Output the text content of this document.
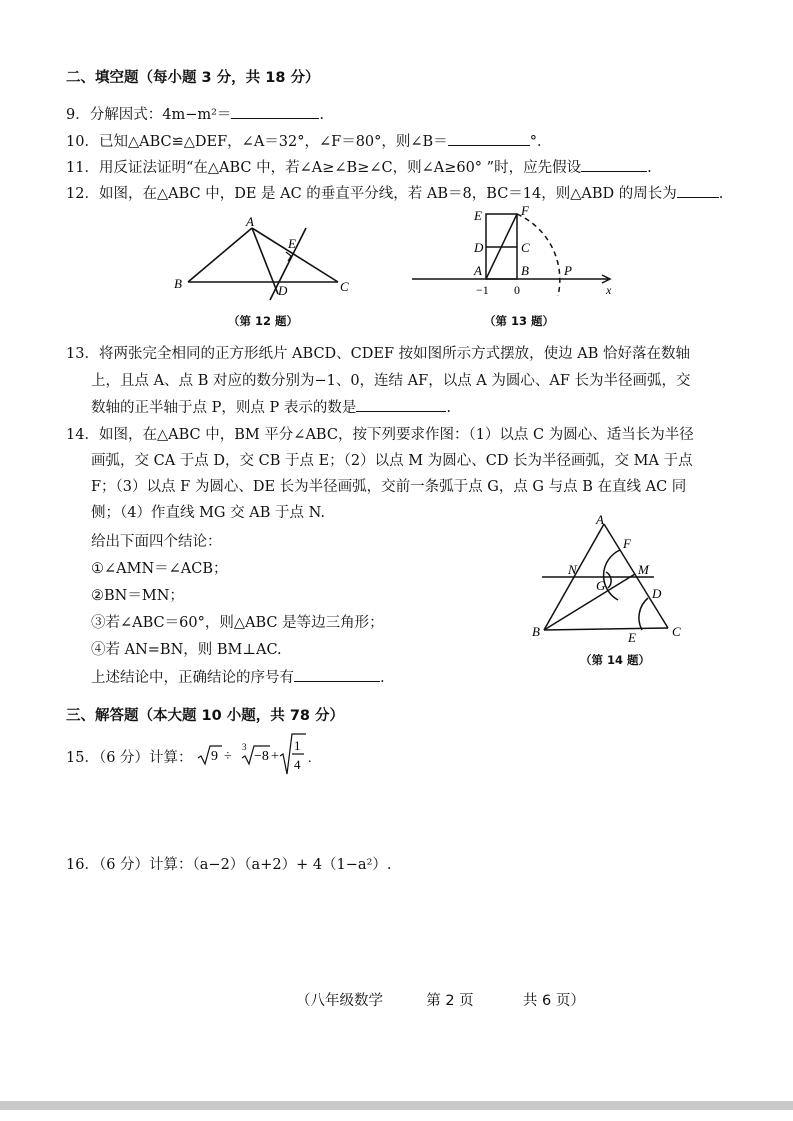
二、填空题（每小题 3 分，共 18 分）
9．分解因式：4m−m²＝	.
10．已知△ABC≌△DEF，∠A＝32°，∠F＝80°，则∠B＝	°．
11．用反证法证明“在△ABC 中，若∠A≥∠B≥∠C，则∠A≥60° ”时，应先假设	.
12．如图，在△ABC 中，DE 是 AC 的垂直平分线，若 AB＝8，BC＝14，则△ABD 的周长为	.
A
B	C
D
E
（第 12 题）
E	F
D	C
A	B	P
x
−1 0
（第 13 题）
13．将两张完全相同的正方形纸片 ABCD、CDEF 按如图所示方式摆放，使边 AB 恰好落在数轴
上，且点 A、点 B 对应的数分别为−1、0，连结 AF，以点 A 为圆心、AF 长为半径画弧，交
数轴的正半轴于点 P，则点 P 表示的数是	.
14．如图，在△ABC 中，BM 平分∠ABC，按下列要求作图：（1）以点 C 为圆心、适当长为半径
画弧，交 CA 于点 D，交 CB 于点 E；（2）以点 M 为圆心、CD 长为半径画弧，交 MA 于点
F；（3）以点 F 为圆心、DE 长为半径画弧，交前一条弧于点 G，点 G 与点 B 在直线 AC 同
侧；（4）作直线 MG 交 AB 于点 N.
给出下面四个结论：
①∠AMN＝∠ACB；
②BN＝MN；
③若∠ABC＝60°，则△ABC 是等边三角形；
④若 AN=BN，则 BM⊥AC.
上述结论中，正确结论的序号有	.
A
B	C
D
E
F
G
M
N
（第 14 题）
三、解答题（本大题 10 小题，共 78 分）
15．（6 分）计算： 9 ÷
3
−8 +
1
4 .
16．（6 分）计算：（a−2）（a+2）+ 4（1−a²）.
（八年级数学	第 2 页	共 6 页）
